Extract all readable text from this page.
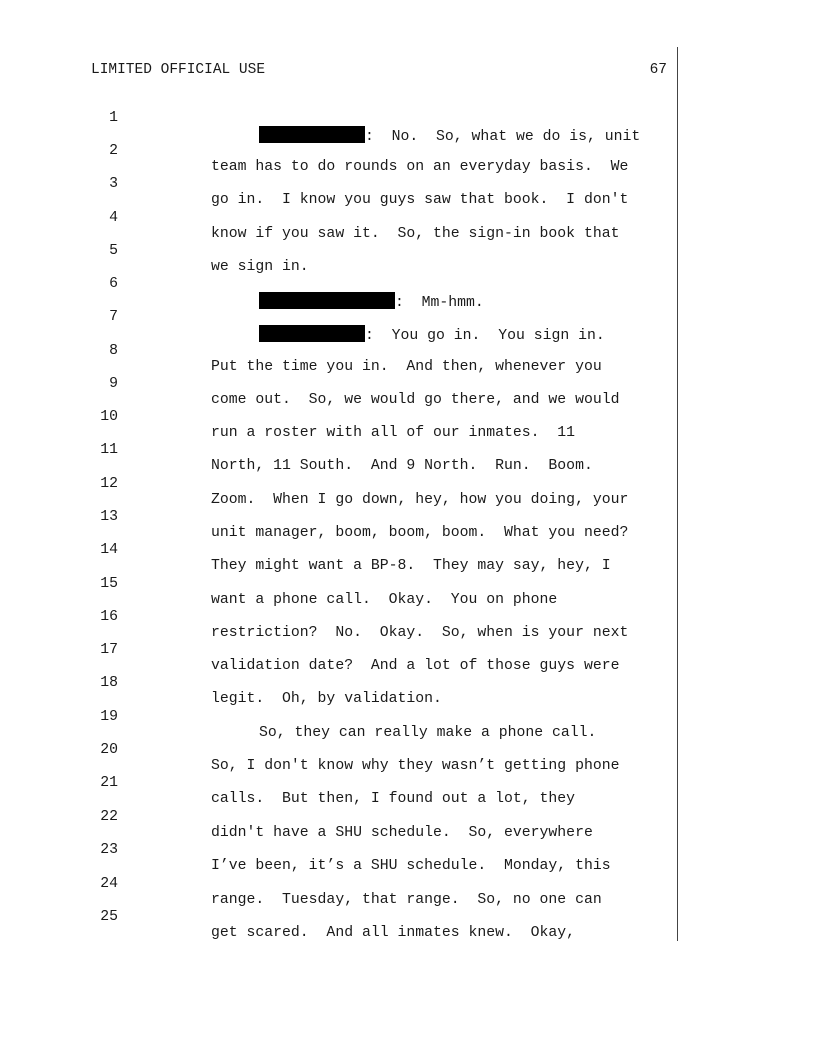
LIMITED OFFICIAL USE	67

1

:  No.  So, what we do is, unit

2

team has to do rounds on an everyday basis.  We

3

go in.  I know you guys saw that book.  I don't

4

know if you saw it.  So, the sign-in book that

5

we sign in.

6

:  Mm-hmm.

7

:  You go in.  You sign in.

8

Put the time you in.  And then, whenever you

9

come out.  So, we would go there, and we would

10

run a roster with all of our inmates.  11

11

North, 11 South.  And 9 North.  Run.  Boom.

12

Zoom.  When I go down, hey, how you doing, your

13

unit manager, boom, boom, boom.  What you need?

14

They might want a BP-8.  They may say, hey, I

15

want a phone call.  Okay.  You on phone

16

restriction?  No.  Okay.  So, when is your next

17

validation date?  And a lot of those guys were

18

legit.  Oh, by validation.

19

So, they can really make a phone call.

20

So, I don't know why they wasn’t getting phone

21

calls.  But then, I found out a lot, they

22

didn't have a SHU schedule.  So, everywhere

23

I’ve been, it’s a SHU schedule.  Monday, this

24

range.  Tuesday, that range.  So, no one can

25

get scared.  And all inmates knew.  Okay,
